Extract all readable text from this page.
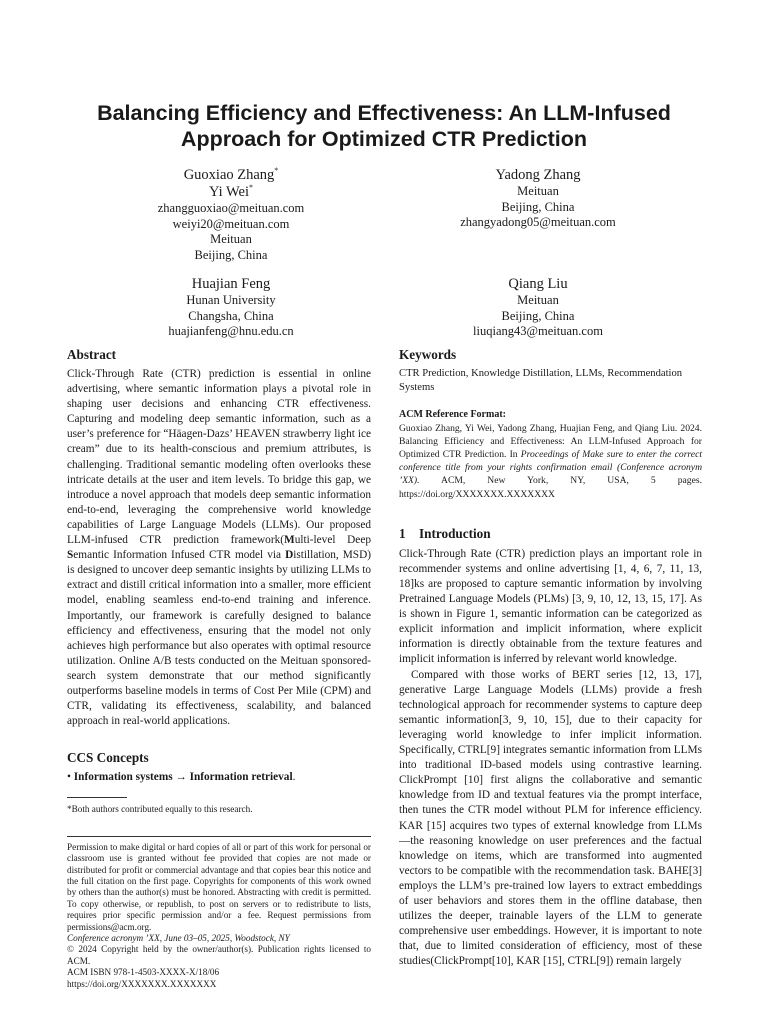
Balancing Efficiency and Effectiveness: An LLM-Infused
Approach for Optimized CTR Prediction
Guoxiao Zhang*
Yi Wei*
zhangguoxiao@meituan.com
weiyi20@meituan.com
Meituan
Beijing, China
Yadong Zhang
Meituan
Beijing, China
zhangyadong05@meituan.com
Huajian Feng
Hunan University
Changsha, China
huajianfeng@hnu.edu.cn
Qiang Liu
Meituan
Beijing, China
liuqiang43@meituan.com
Abstract
Click-Through Rate (CTR) prediction is essential in online advertising, where semantic information plays a pivotal role in shaping user decisions and enhancing CTR effectiveness. Capturing and modeling deep semantic information, such as a user’s preference for “Häagen-Dazs’ HEAVEN strawberry light ice cream” due to its health-conscious and premium attributes, is challenging. Traditional semantic modeling often overlooks these intricate details at the user and item levels. To bridge this gap, we introduce a novel approach that models deep semantic information end-to-end, leveraging the comprehensive world knowledge capabilities of Large Language Models (LLMs). Our proposed LLM-infused CTR prediction framework(Multi-level Deep Semantic Information Infused CTR model via Distillation, MSD) is designed to uncover deep semantic insights by utilizing LLMs to extract and distill critical information into a smaller, more efficient model, enabling seamless end-to-end training and inference. Importantly, our framework is carefully designed to balance efficiency and effectiveness, ensuring that the model not only achieves high performance but also operates with optimal resource utilization. Online A/B tests conducted on the Meituan sponsored-search system demonstrate that our method significantly outperforms baseline models in terms of Cost Per Mile (CPM) and CTR, validating its effectiveness, scalability, and balanced approach in real-world applications.
CCS Concepts
• Information systems → Information retrieval.
*Both authors contributed equally to this research.
Permission to make digital or hard copies of all or part of this work for personal or classroom use is granted without fee provided that copies are not made or distributed for profit or commercial advantage and that copies bear this notice and the full citation on the first page. Copyrights for components of this work owned by others than the author(s) must be honored. Abstracting with credit is permitted. To copy otherwise, or republish, to post on servers or to redistribute to lists, requires prior specific permission and/or a fee. Request permissions from permissions@acm.org.
Conference acronym ’XX, June 03–05, 2025, Woodstock, NY
© 2024 Copyright held by the owner/author(s). Publication rights licensed to ACM.
ACM ISBN 978-1-4503-XXXX-X/18/06
https://doi.org/XXXXXXX.XXXXXXX
Keywords
CTR Prediction, Knowledge Distillation, LLMs, Recommendation Systems
ACM Reference Format:
Guoxiao Zhang, Yi Wei, Yadong Zhang, Huajian Feng, and Qiang Liu. 2024. Balancing Efficiency and Effectiveness: An LLM-Infused Approach for Optimized CTR Prediction. In Proceedings of Make sure to enter the correct conference title from your rights confirmation email (Conference acronym ’XX). ACM, New York, NY, USA, 5 pages. https://doi.org/XXXXXXX.XXXXXXX
1 Introduction
Click-Through Rate (CTR) prediction plays an important role in recommender systems and online advertising [1, 4, 6, 7, 11, 13, 18]ks are proposed to capture semantic information by involving Pretrained Language Models (PLMs) [3, 9, 10, 12, 13, 15, 17]. As is shown in Figure 1, semantic information can be categorized as explicit information and implicit information, where explicit information is directly obtainable from the texture features and implicit information is inferred by relevant world knowledge.
Compared with those works of BERT series [12, 13, 17], generative Large Language Models (LLMs) provide a fresh technological approach for recommender systems to capture deep semantic information[3, 9, 10, 15], due to their capacity for leveraging world knowledge to infer implicit information. Specifically, CTRL[9] integrates semantic information from LLMs into traditional ID-based models using contrastive learning. ClickPrompt [10] first aligns the collaborative and semantic knowledge from ID and textual features via the prompt interface, then tunes the CTR model without PLM for inference efficiency. KAR [15] acquires two types of external knowledge from LLMs—the reasoning knowledge on user preferences and the factual knowledge on items, which are transformed into augmented vectors to be compatible with the recommendation task. BAHE[3] employs the LLM’s pre-trained low layers to extract embeddings of user behaviors and stores them in the offline database, then utilizes the deeper, trainable layers of the LLM to generate comprehensive user embeddings. However, it is important to note that, due to limited consideration of efficiency, most of these studies(ClickPrompt[10], KAR [15], CTRL[9]) remain largely
